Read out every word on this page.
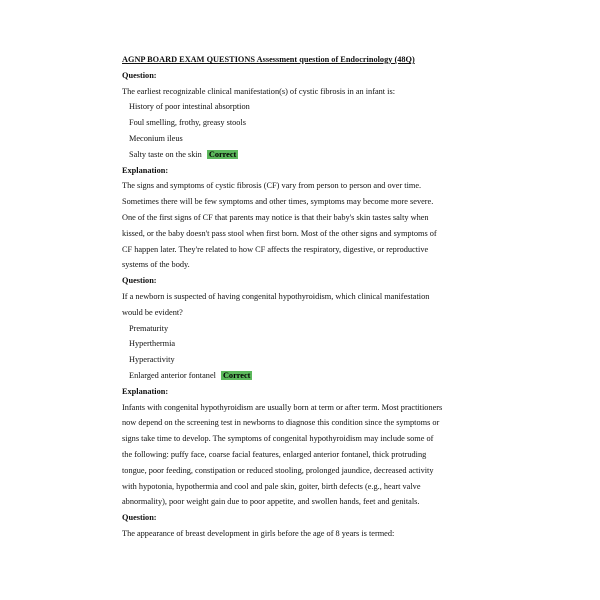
AGNP BOARD EXAM QUESTIONS Assessment question of Endocrinology (48Q)
Question:
The earliest recognizable clinical manifestation(s) of cystic fibrosis in an infant is:
History of poor intestinal absorption
Foul smelling, frothy, greasy stools
Meconium ileus
Salty taste on the skin Correct
Explanation:
The signs and symptoms of cystic fibrosis (CF) vary from person to person and over time.
Sometimes there will be few symptoms and other times, symptoms may become more severe.
One of the first signs of CF that parents may notice is that their baby's skin tastes salty when
kissed, or the baby doesn't pass stool when first born. Most of the other signs and symptoms of
CF happen later. They're related to how CF affects the respiratory, digestive, or reproductive
systems of the body.
Question:
If a newborn is suspected of having congenital hypothyroidism, which clinical manifestation
would be evident?
Prematurity
Hyperthermia
Hyperactivity
Enlarged anterior fontanel Correct
Explanation:
Infants with congenital hypothyroidism are usually born at term or after term. Most practitioners
now depend on the screening test in newborns to diagnose this condition since the symptoms or
signs take time to develop. The symptoms of congenital hypothyroidism may include some of
the following: puffy face, coarse facial features, enlarged anterior fontanel, thick protruding
tongue, poor feeding, constipation or reduced stooling, prolonged jaundice, decreased activity
with hypotonia, hypothermia and cool and pale skin, goiter, birth defects (e.g., heart valve
abnormality), poor weight gain due to poor appetite, and swollen hands, feet and genitals.
Question:
The appearance of breast development in girls before the age of 8 years is termed:
